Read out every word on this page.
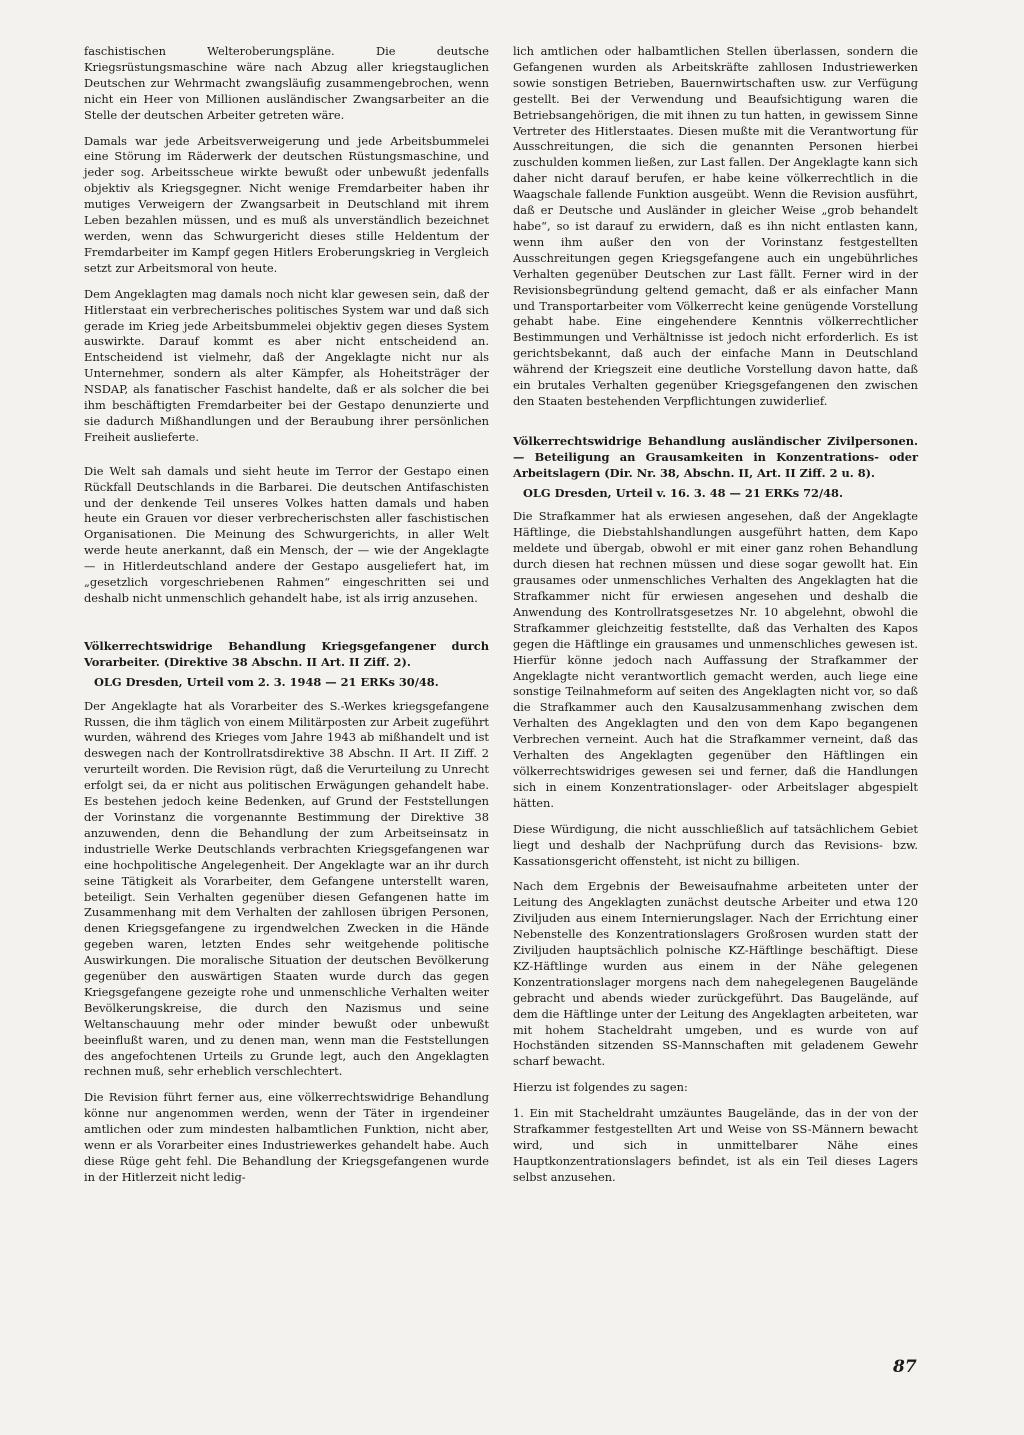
faschistischen Welteroberungspläne. Die deutsche Kriegsrüstungsmaschine wäre nach Abzug aller kriegstauglichen Deutschen zur Wehrmacht zwangsläufig zusammengebrochen, wenn nicht ein Heer von Millionen ausländischer Zwangsarbeiter an die Stelle der deutschen Arbeiter getreten wäre.

Damals war jede Arbeitsverweigerung und jede Arbeitsbummelei eine Störung im Räderwerk der deutschen Rüstungsmaschine, und jeder sog. Arbeitsscheue wirkte bewußt oder unbewußt jedenfalls objektiv als Kriegsgegner. Nicht wenige Fremdarbeiter haben ihr mutiges Verweigern der Zwangsarbeit in Deutschland mit ihrem Leben bezahlen müssen, und es muß als unverständlich bezeichnet werden, wenn das Schwurgericht dieses stille Heldentum der Fremdarbeiter im Kampf gegen Hitlers Eroberungskrieg in Vergleich setzt zur Arbeitsmoral von heute.

Dem Angeklagten mag damals noch nicht klar gewesen sein, daß der Hitlerstaat ein verbrecherisches politisches System war und daß sich gerade im Krieg jede Arbeitsbummelei objektiv gegen dieses System auswirkte. Darauf kommt es aber nicht entscheidend an. Entscheidend ist vielmehr, daß der Angeklagte nicht nur als Unternehmer, sondern als alter Kämpfer, als Hoheitsträger der NSDAP, als fanatischer Faschist handelte, daß er als solcher die bei ihm beschäftigten Fremdarbeiter bei der Gestapo denunzierte und sie dadurch Mißhandlungen und der Beraubung ihrer persönlichen Freiheit auslieferte.

Die Welt sah damals und sieht heute im Terror der Gestapo einen Rückfall Deutschlands in die Barbarei. Die deutschen Antifaschisten und der denkende Teil unseres Volkes hatten damals und haben heute ein Grauen vor dieser verbrecherischsten aller faschistischen Organisationen. Die Meinung des Schwurgerichts, in aller Welt werde heute anerkannt, daß ein Mensch, der — wie der Angeklagte — in Hitlerdeutschland andere der Gestapo ausgeliefert hat, im „gesetzlich vorgeschriebenen Rahmen“ eingeschritten sei und deshalb nicht unmenschlich gehandelt habe, ist als irrig anzusehen.

Völkerrechtswidrige Behandlung Kriegsgefangener durch Vorarbeiter. (Direktive 38 Abschn. II Art. II Ziff. 2).
OLG Dresden, Urteil vom 2. 3. 1948 — 21 ERKs 30/48.

Der Angeklagte hat als Vorarbeiter des S.-Werkes kriegsgefangene Russen, die ihm täglich von einem Militärposten zur Arbeit zugeführt wurden, während des Krieges vom Jahre 1943 ab mißhandelt und ist deswegen nach der Kontrollratsdirektive 38 Abschn. II Art. II Ziff. 2 verurteilt worden. Die Revision rügt, daß die Verurteilung zu Unrecht erfolgt sei, da er nicht aus politischen Erwägungen gehandelt habe. Es bestehen jedoch keine Bedenken, auf Grund der Feststellungen der Vorinstanz die vorgenannte Bestimmung der Direktive 38 anzuwenden, denn die Behandlung der zum Arbeitseinsatz in industrielle Werke Deutschlands verbrachten Kriegsgefangenen war eine hochpolitische Angelegenheit. Der Angeklagte war an ihr durch seine Tätigkeit als Vorarbeiter, dem Gefangene unterstellt waren, beteiligt. Sein Verhalten gegenüber diesen Gefangenen hatte im Zusammenhang mit dem Verhalten der zahllosen übrigen Personen, denen Kriegsgefangene zu irgendwelchen Zwecken in die Hände gegeben waren, letzten Endes sehr weitgehende politische Auswirkungen. Die moralische Situation der deutschen Bevölkerung gegenüber den auswärtigen Staaten wurde durch das gegen Kriegsgefangene gezeigte rohe und unmenschliche Verhalten weiter Bevölkerungskreise, die durch den Nazismus und seine Weltanschauung mehr oder minder bewußt oder unbewußt beeinflußt waren, und zu denen man, wenn man die Feststellungen des angefochtenen Urteils zu Grunde legt, auch den Angeklagten rechnen muß, sehr erheblich verschlechtert.

Die Revision führt ferner aus, eine völkerrechtswidrige Behandlung könne nur angenommen werden, wenn der Täter in irgendeiner amtlichen oder zum mindesten halbamtlichen Funktion, nicht aber, wenn er als Vorarbeiter eines Industriewerkes gehandelt habe. Auch diese Rüge geht fehl. Die Behandlung der Kriegsgefangenen wurde in der Hitlerzeit nicht ledig-

lich amtlichen oder halbamtlichen Stellen überlassen, sondern die Gefangenen wurden als Arbeitskräfte zahllosen Industriewerken sowie sonstigen Betrieben, Bauernwirtschaften usw. zur Verfügung gestellt. Bei der Verwendung und Beaufsichtigung waren die Betriebsangehörigen, die mit ihnen zu tun hatten, in gewissem Sinne Vertreter des Hitlerstaates. Diesen mußte mit die Verantwortung für Ausschreitungen, die sich die genannten Personen hierbei zuschulden kommen ließen, zur Last fallen. Der Angeklagte kann sich daher nicht darauf berufen, er habe keine völkerrechtlich in die Waagschale fallende Funktion ausgeübt. Wenn die Revision ausführt, daß er Deutsche und Ausländer in gleicher Weise „grob behandelt habe“, so ist darauf zu erwidern, daß es ihn nicht entlasten kann, wenn ihm außer den von der Vorinstanz festgestellten Ausschreitungen gegen Kriegsgefangene auch ein ungebührliches Verhalten gegenüber Deutschen zur Last fällt. Ferner wird in der Revisionsbegründung geltend gemacht, daß er als einfacher Mann und Transportarbeiter vom Völkerrecht keine genügende Vorstellung gehabt habe. Eine eingehendere Kenntnis völkerrechtlicher Bestimmungen und Verhältnisse ist jedoch nicht erforderlich. Es ist gerichtsbekannt, daß auch der einfache Mann in Deutschland während der Kriegszeit eine deutliche Vorstellung davon hatte, daß ein brutales Verhalten gegenüber Kriegsgefangenen den zwischen den Staaten bestehenden Verpflichtungen zuwiderlief.

Völkerrechtswidrige Behandlung ausländischer Zivilpersonen. — Beteiligung an Grausamkeiten in Konzentrations- oder Arbeitslagern (Dir. Nr. 38, Abschn. II, Art. II Ziff. 2 u. 8).
OLG Dresden, Urteil v. 16. 3. 48 — 21 ERKs 72/48.

Die Strafkammer hat als erwiesen angesehen, daß der Angeklagte Häftlinge, die Diebstahlshandlungen ausgeführt hatten, dem Kapo meldete und übergab, obwohl er mit einer ganz rohen Behandlung durch diesen hat rechnen müssen und diese sogar gewollt hat. Ein grausames oder unmenschliches Verhalten des Angeklagten hat die Strafkammer nicht für erwiesen angesehen und deshalb die Anwendung des Kontrollratsgesetzes Nr. 10 abgelehnt, obwohl die Strafkammer gleichzeitig feststellte, daß das Verhalten des Kapos gegen die Häftlinge ein grausames und unmenschliches gewesen ist. Hierfür könne jedoch nach Auffassung der Strafkammer der Angeklagte nicht verantwortlich gemacht werden, auch liege eine sonstige Teilnahmeform auf seiten des Angeklagten nicht vor, so daß die Strafkammer auch den Kausalzusammenhang zwischen dem Verhalten des Angeklagten und den von dem Kapo begangenen Verbrechen verneint. Auch hat die Strafkammer verneint, daß das Verhalten des Angeklagten gegenüber den Häftlingen ein völkerrechtswidriges gewesen sei und ferner, daß die Handlungen sich in einem Konzentrationslager- oder Arbeitslager abgespielt hätten.

Diese Würdigung, die nicht ausschließlich auf tatsächlichem Gebiet liegt und deshalb der Nachprüfung durch das Revisions- bzw. Kassationsgericht offensteht, ist nicht zu billigen.

Nach dem Ergebnis der Beweisaufnahme arbeiteten unter der Leitung des Angeklagten zunächst deutsche Arbeiter und etwa 120 Ziviljuden aus einem Internierungslager. Nach der Errichtung einer Nebenstelle des Konzentrationslagers Großrosen wurden statt der Ziviljuden hauptsächlich polnische KZ-Häftlinge beschäftigt. Diese KZ-Häftlinge wurden aus einem in der Nähe gelegenen Konzentrationslager morgens nach dem nahegelegenen Baugelände gebracht und abends wieder zurückgeführt. Das Baugelände, auf dem die Häftlinge unter der Leitung des Angeklagten arbeiteten, war mit hohem Stacheldraht umgeben, und es wurde von auf Hochständen sitzenden SS-Mannschaften mit geladenem Gewehr scharf bewacht.

Hierzu ist folgendes zu sagen:

1. Ein mit Stacheldraht umzäuntes Baugelände, das in der von der Strafkammer festgestellten Art und Weise von SS-Männern bewacht wird, und sich in unmittelbarer Nähe eines Hauptkonzentrationslagers befindet, ist als ein Teil dieses Lagers selbst anzusehen.

87
